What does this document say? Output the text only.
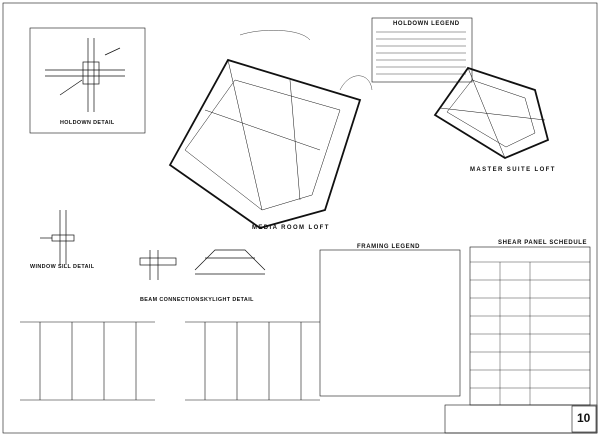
MEDIA ROOM LOFT
MASTER SUITE LOFT
HOLDOWN LEGEND
FRAMING LEGEND
SHEAR PANEL SCHEDULE
HOLDOWN DETAIL
WINDOW SILL DETAIL
BEAM CONNECTION SKYLIGHT DETAIL
10
